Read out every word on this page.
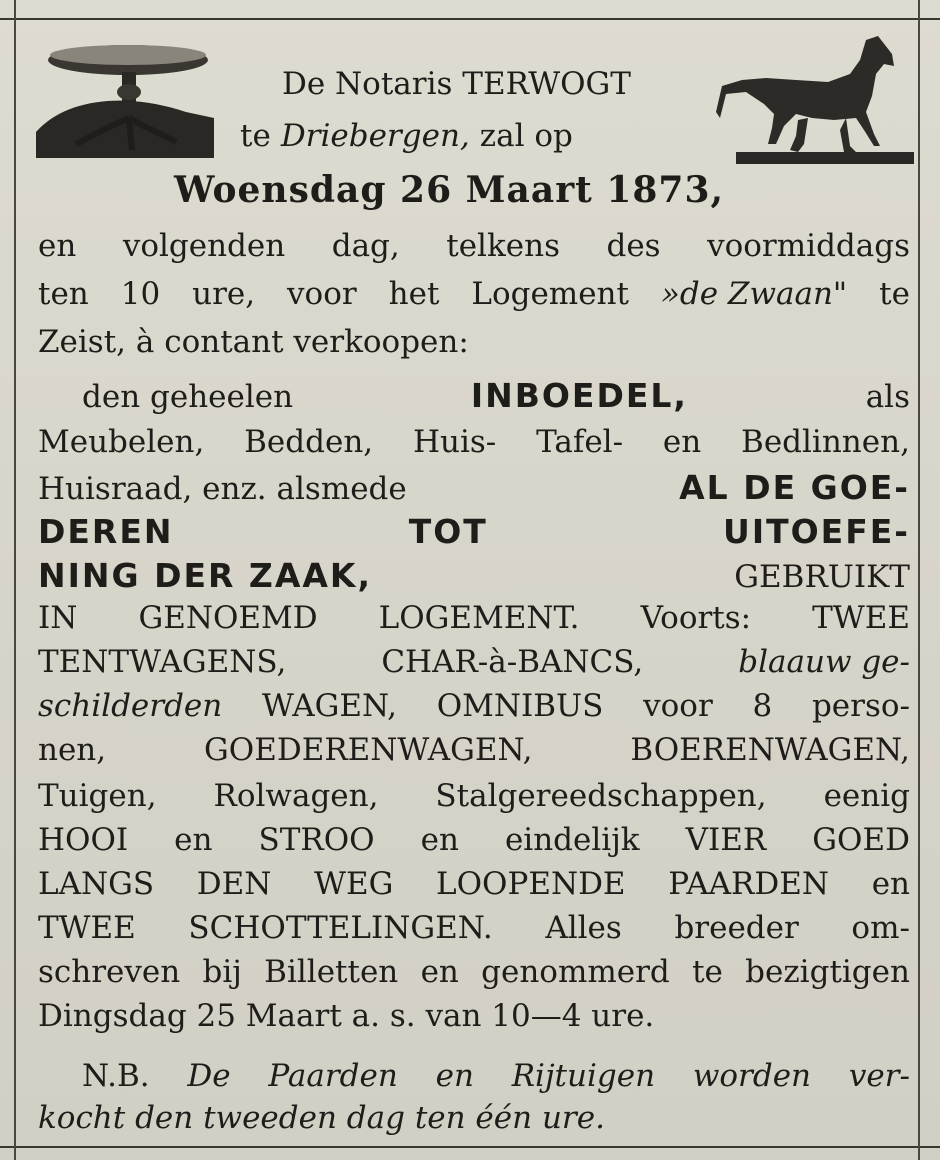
De Notaris TERWOGT
te Driebergen, zal op
Woensdag 26 Maart 1873,
en volgenden dag, telkens des voormiddags
ten 10 ure, voor het Logement »de Zwaan" te
Zeist, à contant verkoopen:
den geheelen	INBOEDEL,	als
Meubelen, Bedden, Huis- Tafel- en Bedlinnen,
Huisraad, enz. alsmede	AL DE GOE-
DEREN	TOT	UITOEFE-
NING DER ZAAK,	GEBRUIKT
IN GENOEMD LOGEMENT. Voorts: TWEE
TENTWAGENS,	CHAR-à-BANCS,	blaauw ge-
schilderden WAGEN, OMNIBUS voor 8 perso-
nen,	GOEDERENWAGEN,	BOERENWAGEN,
Tuigen, Rolwagen, Stalgereedschappen, eenig
HOOI en STROO en eindelijk VIER GOED
LANGS DEN WEG LOOPENDE PAARDEN en
TWEE SCHOTTELINGEN. Alles breeder om-
schreven bij Billetten en genommerd te bezigtigen
Dingsdag 25 Maart a. s. van 10—4 ure.
N.B. De Paarden en Rijtuigen worden ver-
kocht den tweeden dag ten één ure.
